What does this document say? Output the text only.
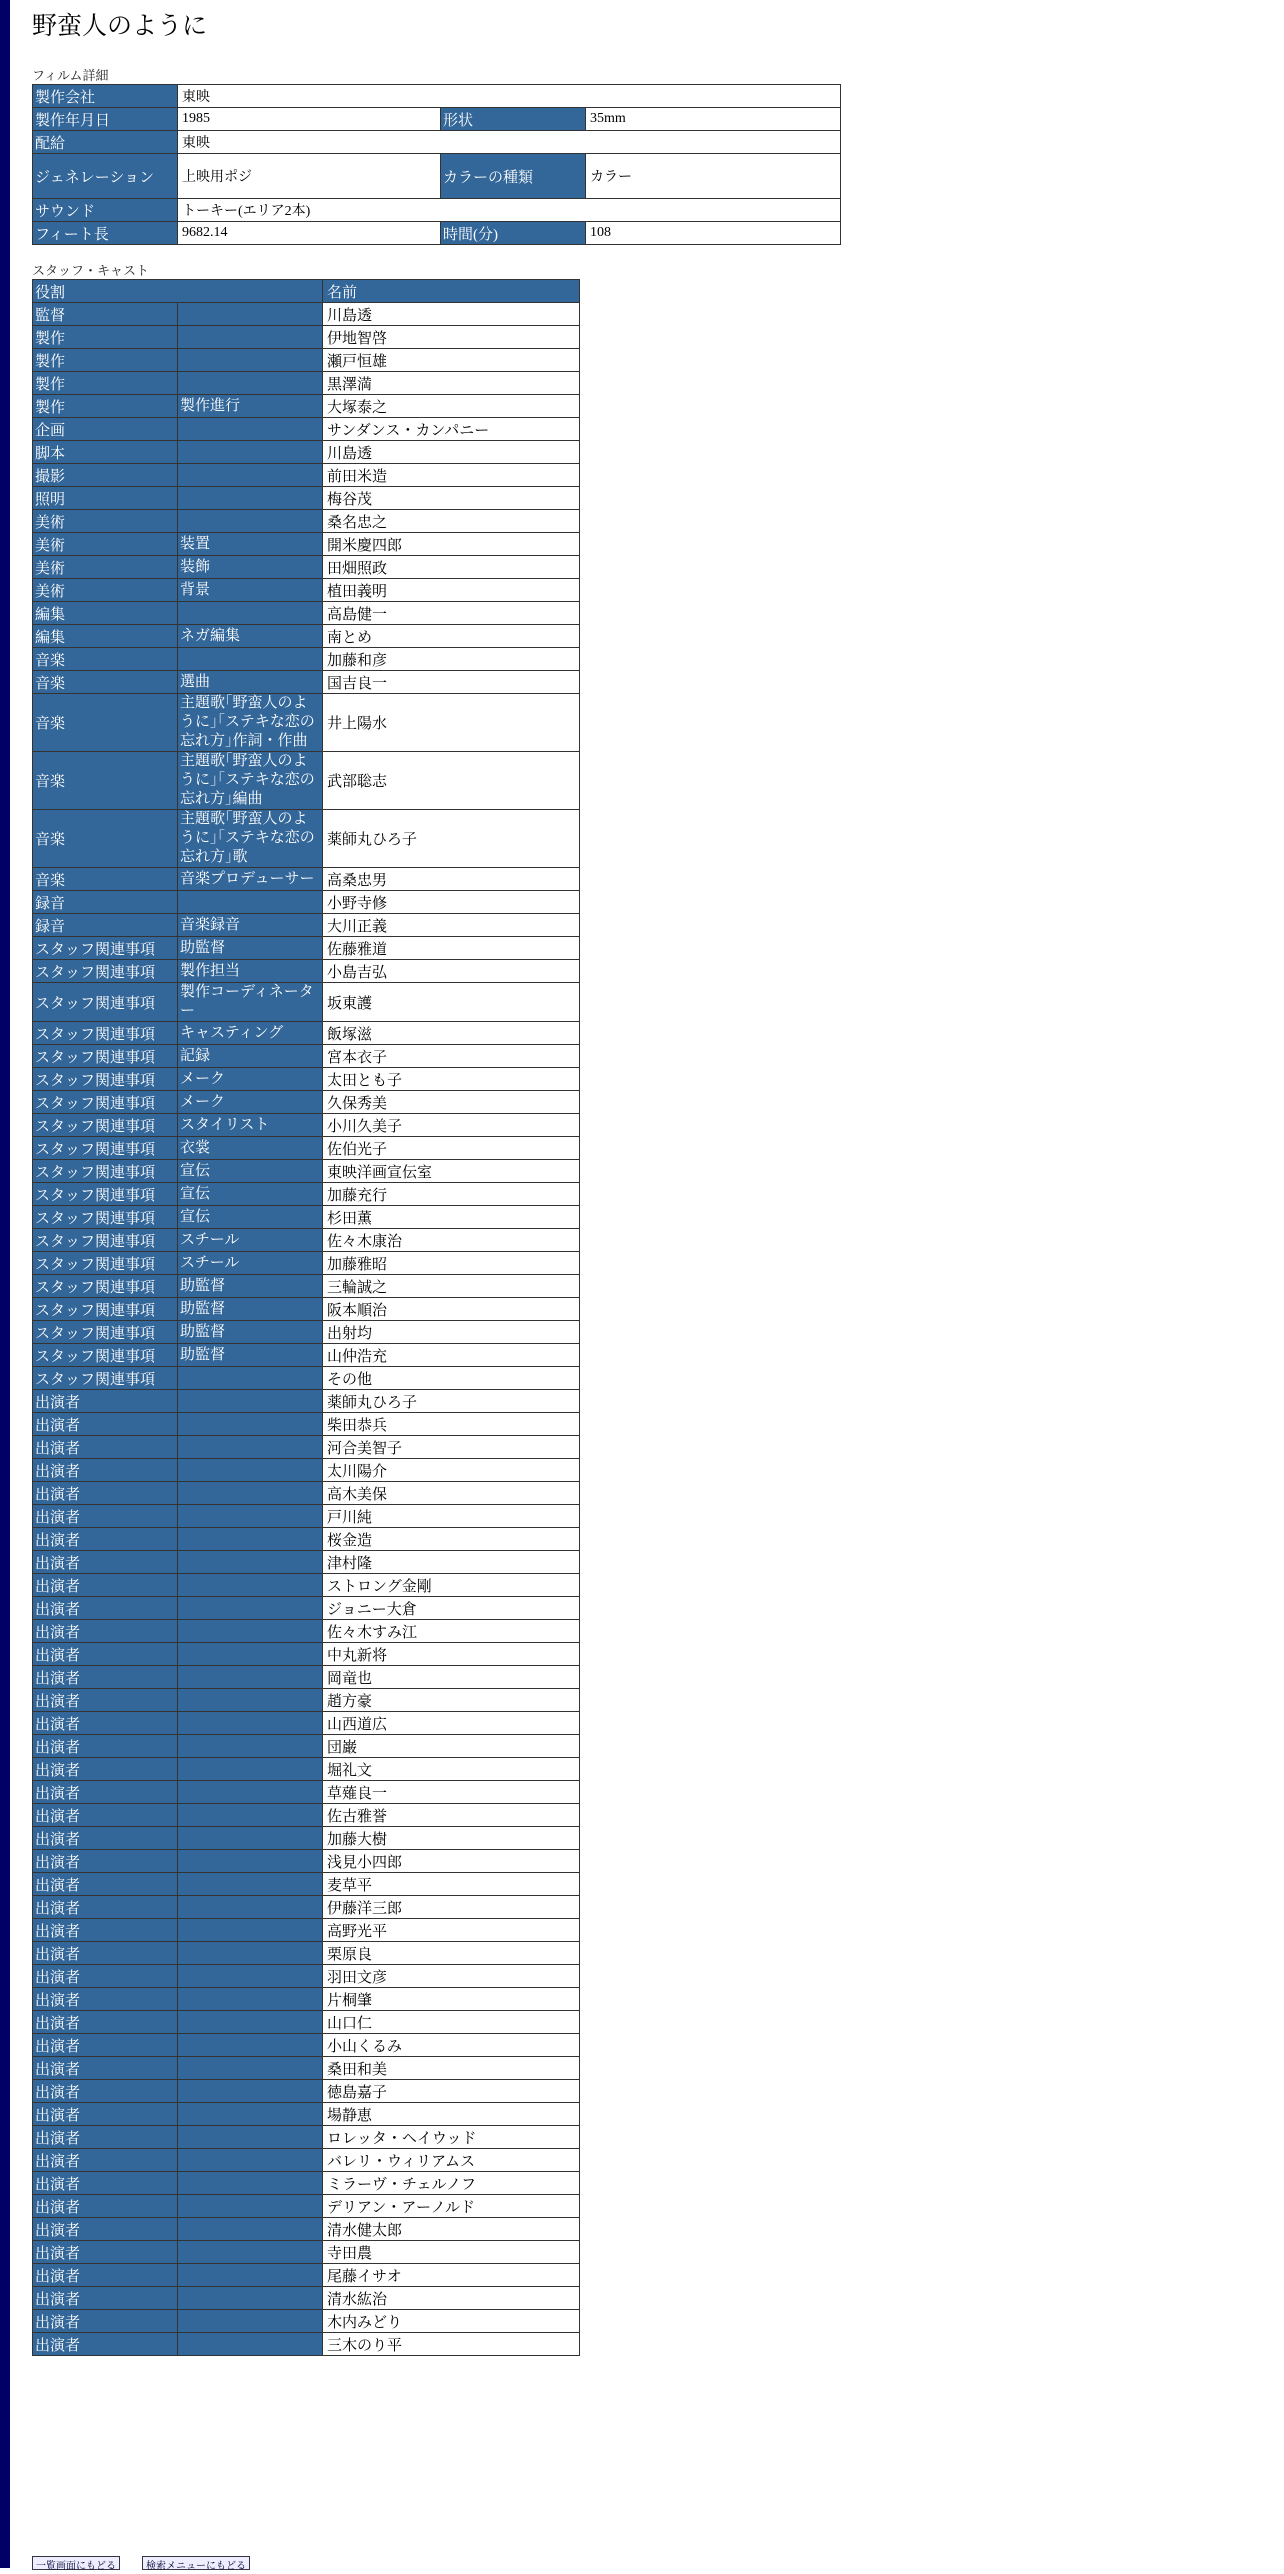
野蛮人のように
フィルム詳細
製作会社	東映		
製作年月日	1985	形状	35mm
配給	東映		
ジェネレーション	上映用ポジ	カラーの種類	カラー
サウンド	トーキー(エリア2本)		
フィート長	9682.14	時間(分)	108
スタッフ・キャスト
役割		名前
監督		川島透
製作		伊地智啓
製作		瀬戸恒雄
製作		黒澤満
製作	製作進行	大塚泰之
企画		サンダンス・カンパニー
脚本		川島透
撮影		前田米造
照明		梅谷茂
美術		桑名忠之
美術	装置	開米慶四郎
美術	装飾	田畑照政
美術	背景	植田義明
編集		高島健一
編集	ネガ編集	南とめ
音楽		加藤和彦
音楽	選曲	国吉良一
音楽	主題歌｢野蛮人のように｣｢ステキな恋の忘れ方｣作詞・作曲	井上陽水
音楽	主題歌｢野蛮人のように｣｢ステキな恋の忘れ方｣編曲	武部聡志
音楽	主題歌｢野蛮人のように｣｢ステキな恋の忘れ方｣歌	薬師丸ひろ子
音楽	音楽プロデューサー	高桑忠男
録音		小野寺修
録音	音楽録音	大川正義
スタッフ関連事項	助監督	佐藤雅道
スタッフ関連事項	製作担当	小島吉弘
スタッフ関連事項	製作コーディネーター	坂東護
スタッフ関連事項	キャスティング	飯塚滋
スタッフ関連事項	記録	宮本衣子
スタッフ関連事項	メーク	太田とも子
スタッフ関連事項	メーク	久保秀美
スタッフ関連事項	スタイリスト	小川久美子
スタッフ関連事項	衣裳	佐伯光子
スタッフ関連事項	宣伝	東映洋画宣伝室
スタッフ関連事項	宣伝	加藤充行
スタッフ関連事項	宣伝	杉田薫
スタッフ関連事項	スチール	佐々木康治
スタッフ関連事項	スチール	加藤雅昭
スタッフ関連事項	助監督	三輪誠之
スタッフ関連事項	助監督	阪本順治
スタッフ関連事項	助監督	出射均
スタッフ関連事項	助監督	山仲浩充
スタッフ関連事項		その他
出演者		薬師丸ひろ子
出演者		柴田恭兵
出演者		河合美智子
出演者		太川陽介
出演者		高木美保
出演者		戸川純
出演者		桜金造
出演者		津村隆
出演者		ストロング金剛
出演者		ジョニー大倉
出演者		佐々木すみ江
出演者		中丸新将
出演者		岡竜也
出演者		趙方豪
出演者		山西道広
出演者		団巌
出演者		堀礼文
出演者		草薙良一
出演者		佐古雅誉
出演者		加藤大樹
出演者		浅見小四郎
出演者		麦草平
出演者		伊藤洋三郎
出演者		高野光平
出演者		栗原良
出演者		羽田文彦
出演者		片桐肇
出演者		山口仁
出演者		小山くるみ
出演者		桑田和美
出演者		徳島嘉子
出演者		場静恵
出演者		ロレッタ・ヘイウッド
出演者		バレリ・ウィリアムス
出演者		ミラーヴ・チェルノフ
出演者		デリアン・アーノルド
出演者		清水健太郎
出演者		寺田農
出演者		尾藤イサオ
出演者		清水紘治
出演者		木内みどり
出演者		三木のり平
一覧画面にもどる	検索メニューにもどる
